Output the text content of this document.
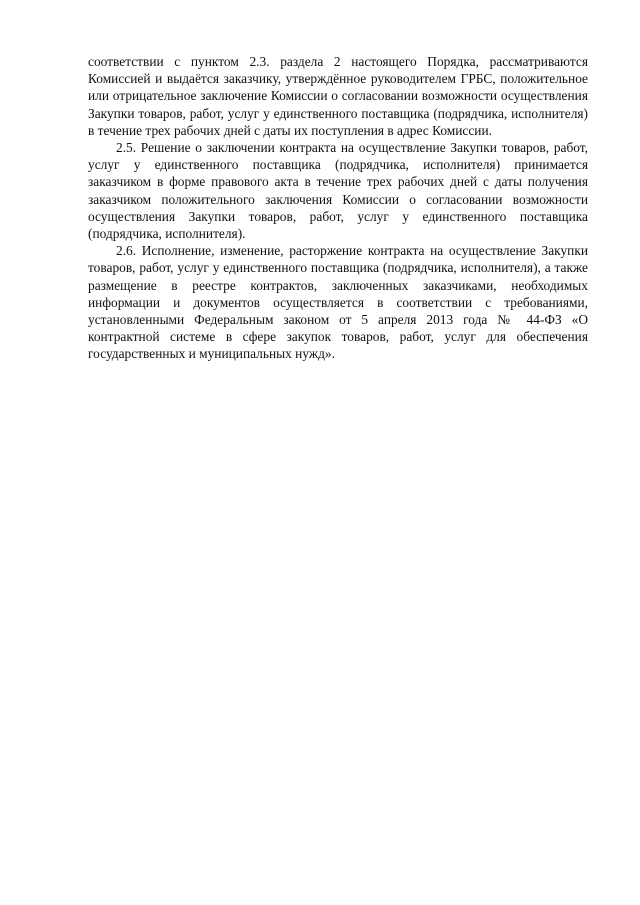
соответствии с пунктом 2.3. раздела 2 настоящего Порядка, рассматриваются Комиссией и выдаётся заказчику, утверждённое руководителем ГРБС, положительное или отрицательное заключение Комиссии о согласовании возможности осуществления Закупки товаров, работ, услуг у единственного поставщика (подрядчика, исполнителя) в течение трех рабочих дней с даты их поступления в адрес Комиссии.

2.5. Решение о заключении контракта на осуществление Закупки товаров, работ, услуг у единственного поставщика (подрядчика, исполнителя) принимается заказчиком в форме правового акта в течение трех рабочих дней с даты получения заказчиком положительного заключения Комиссии о согласовании возможности осуществления Закупки товаров, работ, услуг у единственного поставщика (подрядчика, исполнителя).

2.6. Исполнение, изменение, расторжение контракта на осуществление Закупки товаров, работ, услуг у единственного поставщика (подрядчика, исполнителя), а также размещение в реестре контрактов, заключенных заказчиками, необходимых информации и документов осуществляется в соответствии с требованиями, установленными Федеральным законом от 5 апреля 2013 года № 44-ФЗ «О контрактной системе в сфере закупок товаров, работ, услуг для обеспечения государственных и муниципальных нужд».
